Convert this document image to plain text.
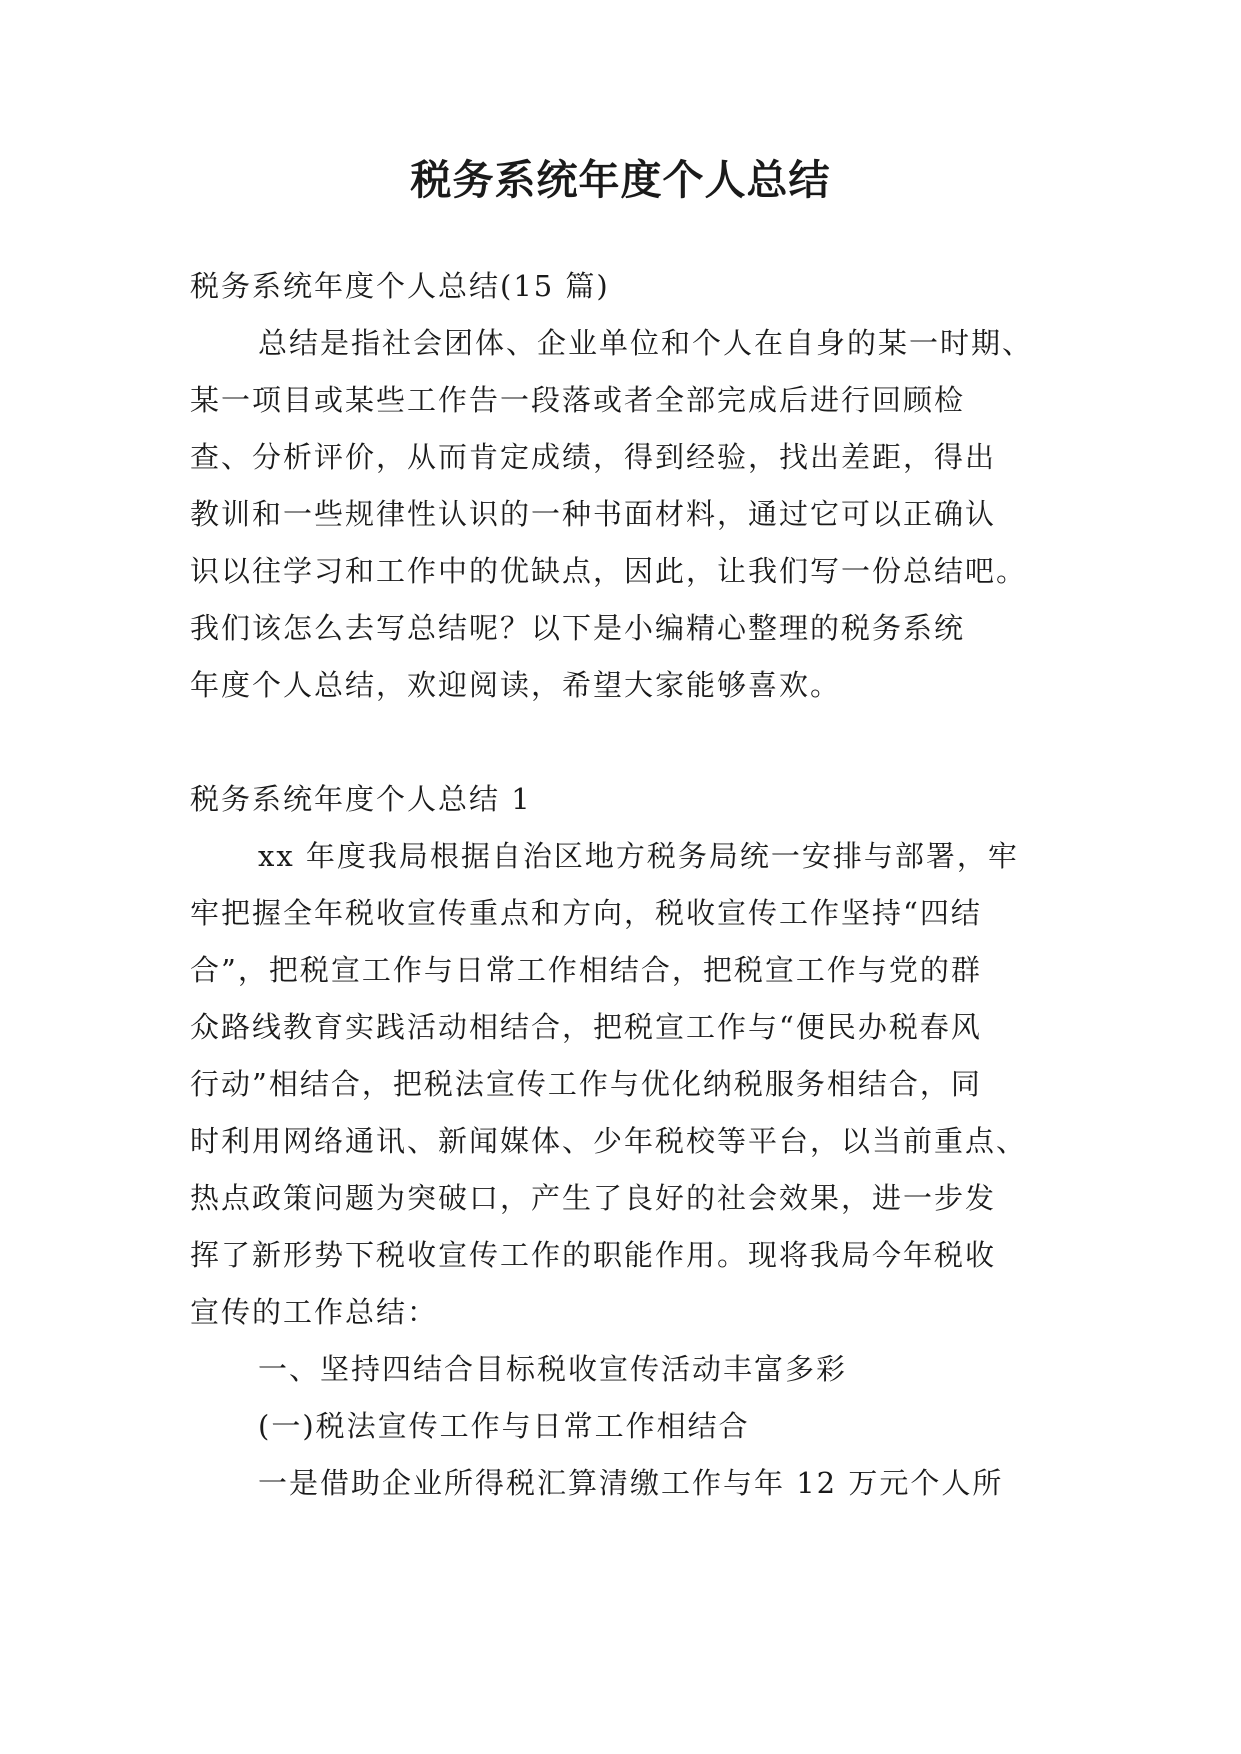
税务系统年度个人总结
税务系统年度个人总结(15 篇)
总结是指社会团体、企业单位和个人在自身的某一时期、
某一项目或某些工作告一段落或者全部完成后进行回顾检
查、分析评价，从而肯定成绩，得到经验，找出差距，得出
教训和一些规律性认识的一种书面材料，通过它可以正确认
识以往学习和工作中的优缺点，因此，让我们写一份总结吧。
我们该怎么去写总结呢？以下是小编精心整理的税务系统
年度个人总结，欢迎阅读，希望大家能够喜欢。
税务系统年度个人总结 1
xx 年度我局根据自治区地方税务局统一安排与部署，牢
牢把握全年税收宣传重点和方向，税收宣传工作坚持“四结
合”，把税宣工作与日常工作相结合，把税宣工作与党的群
众路线教育实践活动相结合，把税宣工作与“便民办税春风
行动”相结合，把税法宣传工作与优化纳税服务相结合，同
时利用网络通讯、新闻媒体、少年税校等平台，以当前重点、
热点政策问题为突破口，产生了良好的社会效果，进一步发
挥了新形势下税收宣传工作的职能作用。现将我局今年税收
宣传的工作总结：
一、坚持四结合目标税收宣传活动丰富多彩
(一)税法宣传工作与日常工作相结合
一是借助企业所得税汇算清缴工作与年 12 万元个人所
